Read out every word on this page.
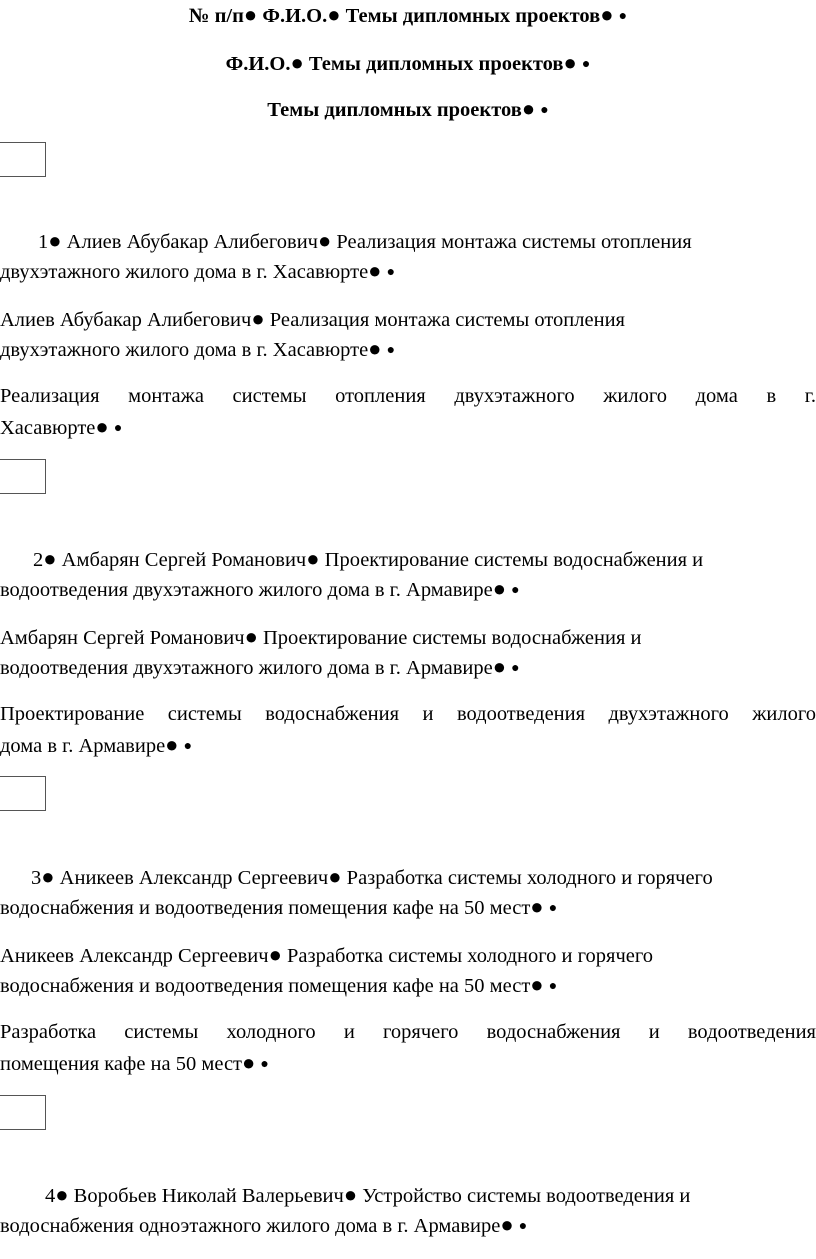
№ п/п● Ф.И.О.● Темы дипломных проектов● ●
Ф.И.О.● Темы дипломных проектов● ●
Темы дипломных проектов● ●
1● Алиев Абубакар Алибегович● Реализация монтажа системы отопления
двухэтажного жилого дома в г. Хасавюрте● ●
Алиев Абубакар Алибегович● Реализация монтажа системы отопления
двухэтажного жилого дома в г. Хасавюрте● ●
Реализация монтажа системы отопления двухэтажного жилого дома в г.
Хасавюрте● ●
2● Амбарян Сергей Романович● Проектирование системы водоснабжения и
водоотведения двухэтажного жилого дома в г. Армавире● ●
Амбарян Сергей Романович● Проектирование системы водоснабжения и
водоотведения двухэтажного жилого дома в г. Армавире● ●
Проектирование системы водоснабжения и водоотведения двухэтажного жилого
дома в г. Армавире● ●
3● Аникеев Александр Сергеевич● Разработка системы холодного и горячего
водоснабжения и водоотведения помещения кафе на 50 мест● ●
Аникеев Александр Сергеевич● Разработка системы холодного и горячего
водоснабжения и водоотведения помещения кафе на 50 мест● ●
Разработка системы холодного и горячего водоснабжения и водоотведения
помещения кафе на 50 мест● ●
4● Воробьев Николай Валерьевич● Устройство системы водоотведения и
водоснабжения одноэтажного жилого дома в г. Армавире● ●
